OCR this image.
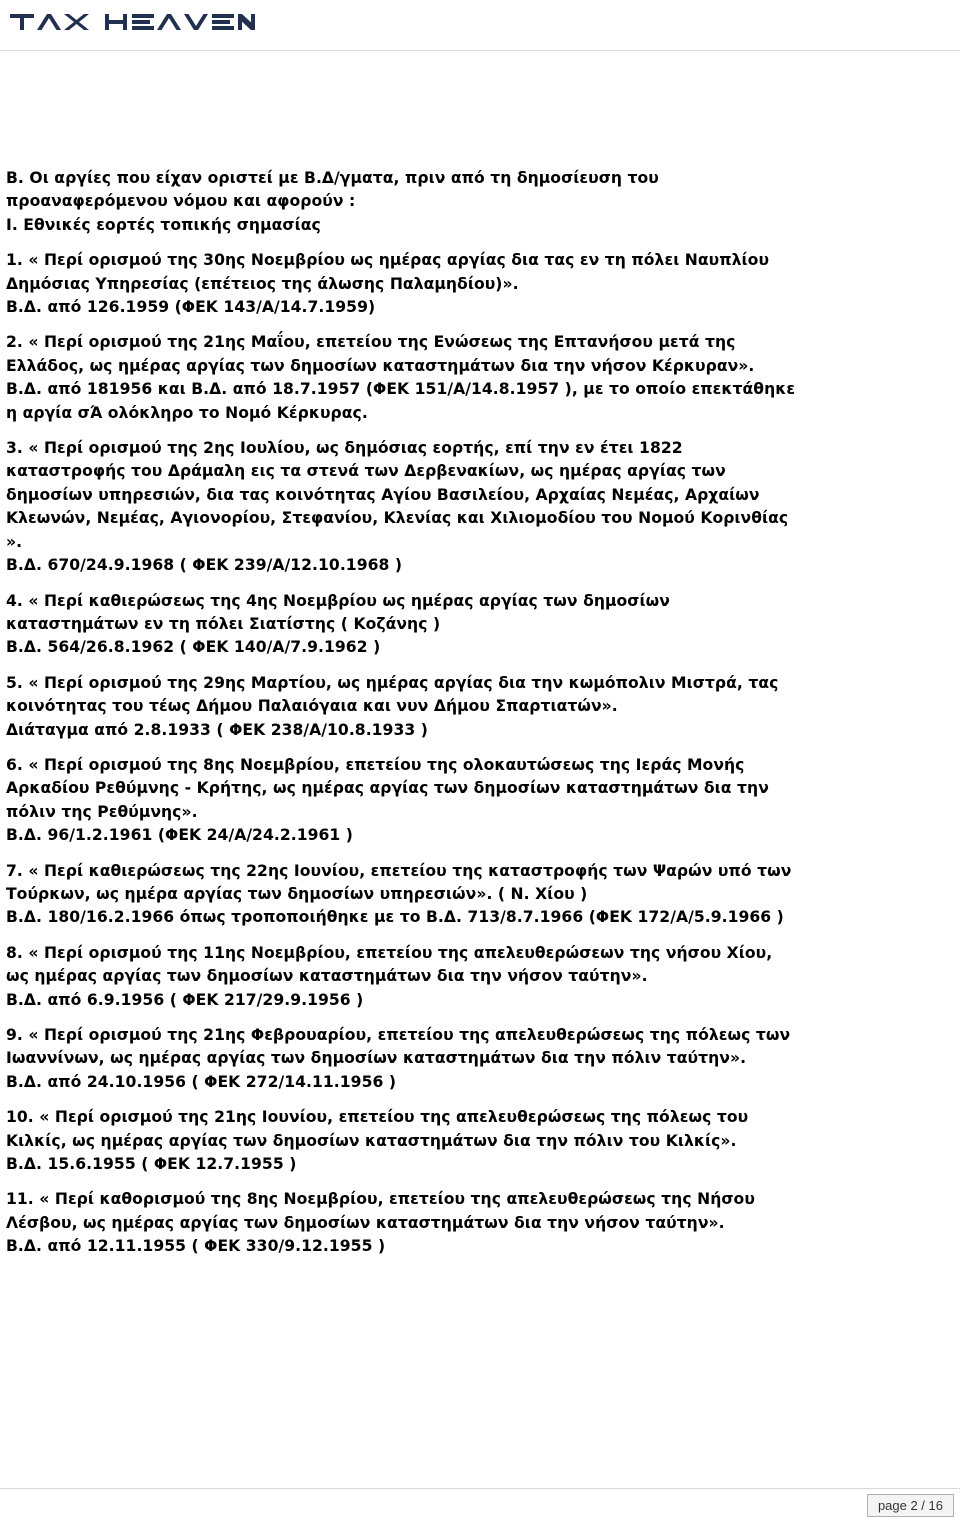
Β. Οι αργίες που είχαν οριστεί με Β.Δ/γματα, πριν από τη δημοσίευση του
προαναφερόμενου νόμου και αφορούν :
Ι. Εθνικές εορτές τοπικής σημασίας

1. « Περί ορισμού της 30ης Νοεμβρίου ως ημέρας αργίας δια τας εν τη πόλει Ναυπλίου
Δημόσιας Υπηρεσίας (επέτειος της άλωσης Παλαμηδίου)».
Β.Δ. από 126.1959 (ΦΕΚ 143/Α/14.7.1959)

2. « Περί ορισμού της 21ης Μαΐου, επετείου της Ενώσεως της Επτανήσου μετά της
Ελλάδος, ως ημέρας αργίας των δημοσίων καταστημάτων δια την νήσον Κέρκυραν».
Β.Δ. από 181956 και Β.Δ. από 18.7.1957 (ΦΕΚ 151/Α/14.8.1957 ), με το οποίο επεκτάθηκε
η αργία σΆ ολόκληρο το Νομό Κέρκυρας.

3. « Περί ορισμού της 2ης Ιουλίου, ως δημόσιας εορτής, επί την εν έτει 1822
καταστροφής του Δράμαλη εις τα στενά των Δερβενακίων, ως ημέρας αργίας των
δημοσίων υπηρεσιών, δια τας κοινότητας Αγίου Βασιλείου, Αρχαίας Νεμέας, Αρχαίων
Κλεωνών, Νεμέας, Αγιονορίου, Στεφανίου, Κλενίας και Χιλιομοδίου του Νομού Κορινθίας
».
Β.Δ. 670/24.9.1968 ( ΦΕΚ 239/Α/12.10.1968 )

4. « Περί καθιερώσεως της 4ης Νοεμβρίου ως ημέρας αργίας των δημοσίων
καταστημάτων εν τη πόλει Σιατίστης ( Κοζάνης )
Β.Δ. 564/26.8.1962 ( ΦΕΚ 140/Α/7.9.1962 )

5. « Περί ορισμού της 29ης Μαρτίου, ως ημέρας αργίας δια την κωμόπολιν Μιστρά, τας
κοινότητας του τέως Δήμου Παλαιόγαια και νυν Δήμου Σπαρτιατών».
Διάταγμα από 2.8.1933 ( ΦΕΚ 238/Α/10.8.1933 )

6. « Περί ορισμού της 8ης Νοεμβρίου, επετείου της ολοκαυτώσεως της Ιεράς Μονής
Αρκαδίου Ρεθύμνης - Κρήτης, ως ημέρας αργίας των δημοσίων καταστημάτων δια την
πόλιν της Ρεθύμνης».
Β.Δ. 96/1.2.1961 (ΦΕΚ 24/Α/24.2.1961 )

7. « Περί καθιερώσεως της 22ης Ιουνίου, επετείου της καταστροφής των Ψαρών υπό των
Τούρκων, ως ημέρα αργίας των δημοσίων υπηρεσιών». ( Ν. Χίου )
Β.Δ. 180/16.2.1966 όπως τροποποιήθηκε με το Β.Δ. 713/8.7.1966 (ΦΕΚ 172/Α/5.9.1966 )

8. « Περί ορισμού της 11ης Νοεμβρίου, επετείου της απελευθερώσεων της νήσου Χίου,
ως ημέρας αργίας των δημοσίων καταστημάτων δια την νήσον ταύτην».
Β.Δ. από 6.9.1956 ( ΦΕΚ 217/29.9.1956 )

9. « Περί ορισμού της 21ης Φεβρουαρίου, επετείου της απελευθερώσεως της πόλεως των
Ιωαννίνων, ως ημέρας αργίας των δημοσίων καταστημάτων δια την πόλιν ταύτην».
Β.Δ. από 24.10.1956 ( ΦΕΚ 272/14.11.1956 )

10. « Περί ορισμού της 21ης Ιουνίου, επετείου της απελευθερώσεως της πόλεως του
Κιλκίς, ως ημέρας αργίας των δημοσίων καταστημάτων δια την πόλιν του Κιλκίς».
Β.Δ. 15.6.1955 ( ΦΕΚ 12.7.1955 )

11. « Περί καθορισμού της 8ης Νοεμβρίου, επετείου της απελευθερώσεως της Νήσου
Λέσβου, ως ημέρας αργίας των δημοσίων καταστημάτων δια την νήσον ταύτην».
Β.Δ. από 12.11.1955 ( ΦΕΚ 330/9.12.1955 )

page 2 / 16
